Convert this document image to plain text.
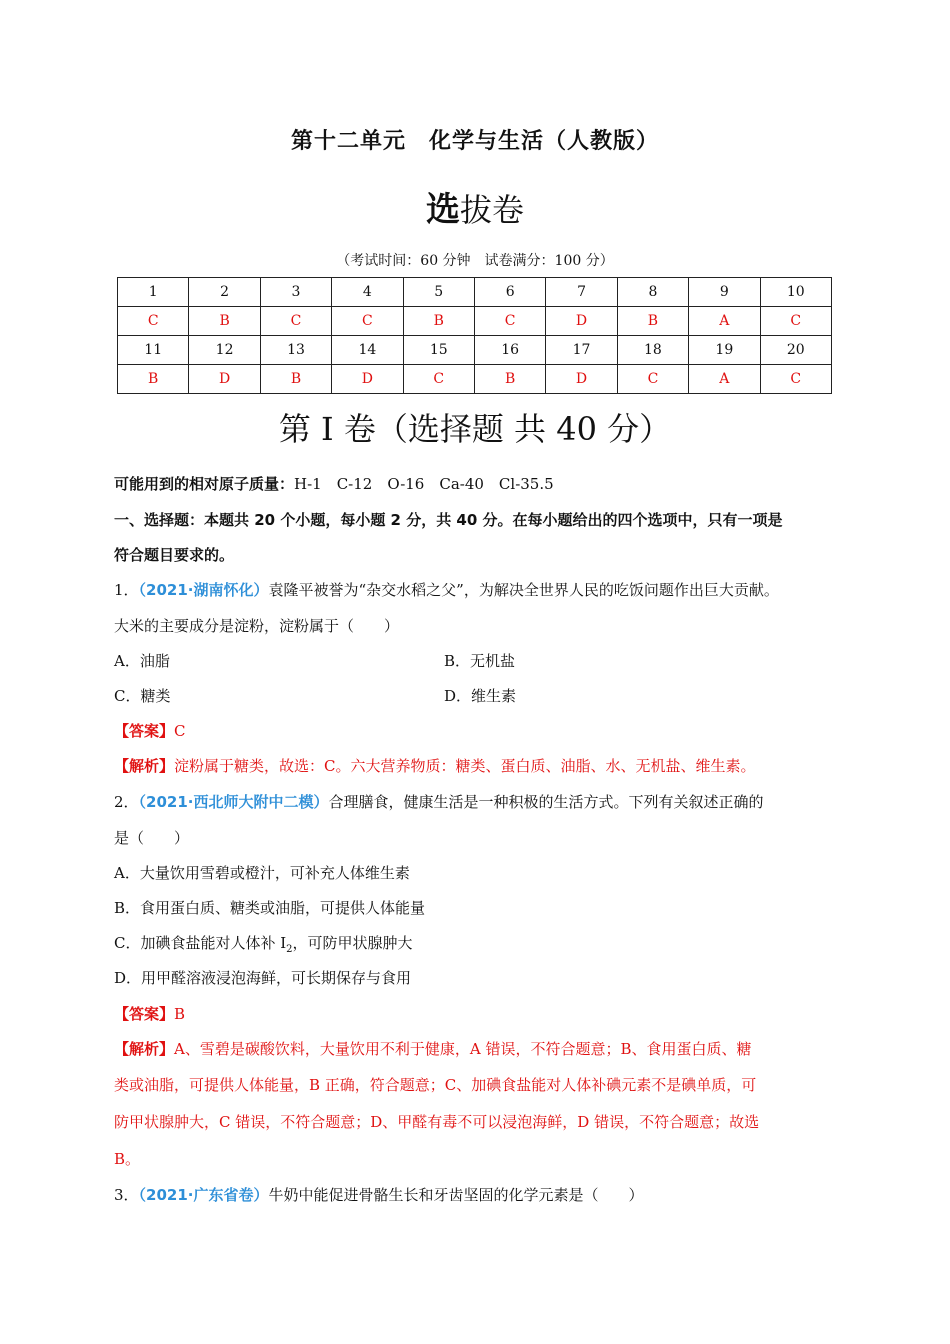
第十二单元　化学与生活（人教版）
选拔卷
（考试时间：60 分钟　试卷满分：100 分）
1	2	3	4	5	6	7	8	9	10
C	B	C	C	B	C	D	B	A	C
11	12	13	14	15	16	17	18	19	20
B	D	B	D	C	B	D	C	A	C
第 I 卷（选择题 共 40 分）
可能用到的相对原子质量：H-1　C-12　O-16　Ca-40　Cl-35.5
一、选择题：本题共 20 个小题，每小题 2 分，共 40 分。在每小题给出的四个选项中，只有一项是
符合题目要求的。
1．（2021·湖南怀化）袁隆平被誉为“杂交水稻之父”，为解决全世界人民的吃饭问题作出巨大贡献。
大米的主要成分是淀粉，淀粉属于（　　）
A．油脂	B．无机盐
C．糖类	D．维生素
【答案】C
【解析】淀粉属于糖类，故选：C。六大营养物质：糖类、蛋白质、油脂、水、无机盐、维生素。
2．（2021·西北师大附中二模）合理膳食，健康生活是一种积极的生活方式。下列有关叙述正确的
是（　　）
A．大量饮用雪碧或橙汁，可补充人体维生素
B．食用蛋白质、糖类或油脂，可提供人体能量
C．加碘食盐能对人体补 $I_2$，可防甲状腺肿大
D．用甲醛溶液浸泡海鲜，可长期保存与食用
【答案】B
【解析】A、雪碧是碳酸饮料，大量饮用不利于健康，A 错误，不符合题意；B、食用蛋白质、糖
类或油脂，可提供人体能量，B 正确，符合题意；C、加碘食盐能对人体补碘元素不是碘单质，可
防甲状腺肿大，C 错误，不符合题意；D、甲醛有毒不可以浸泡海鲜，D 错误，不符合题意；故选
B。
3．（2021·广东省卷）牛奶中能促进骨骼生长和牙齿坚固的化学元素是（　　）
